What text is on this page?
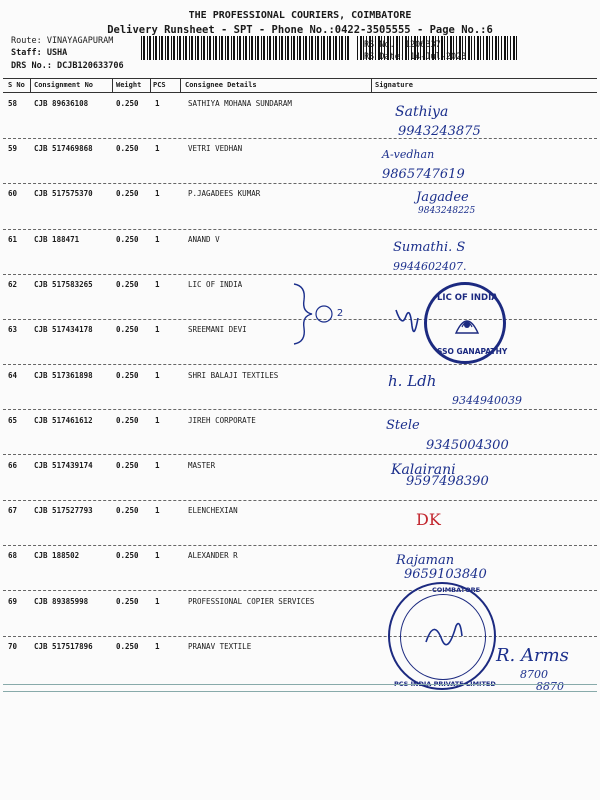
THE PROFESSIONAL COURIERS, COIMBATORE
Delivery Runsheet - SPT - Phone No.:0422-3505555 - Page No.:6
Route: VINAYAGAPURAM
Staff: USHA
DRS No.: DCJB120633706
RS No.: 1206337
RS Date: 14-Jul-2023
S No Consignment No	Weight PCS	Consignee Details	Signature
58 CJB 89636108	0.250 1	SATHIYA MOHANA SUNDARAM
Sathiya
9943243875
59 CJB 517469868	0.250 1	VETRI VEDHAN	A-vedhan
9865747619
60 CJB 517575370	0.250 1	P.JAGADEES KUMAR	Jagadee
9843248225
61 CJB 188471	0.250 1	ANAND V
Sumathi. S
9944602407.
62 CJB 517583265	0.250 1	LIC OF INDIA
63 CJB 517434178	0.250 1	SREEMANI DEVI
2
LIC OF INDIA
SSO GANAPATHY
64 CJB 517361898	0.250 1	SHRI BALAJI TEXTILES	h. Ldh
9344940039
65 CJB 517461612	0.250 1	JIREH CORPORATE	Stele
9345004300
66 CJB 517439174	0.250 1	MASTER	Kalairani
9597498390
67 CJB 517527793	0.250 1	ELENCHEXIAN	DK
68 CJB 188502	0.250 1	ALEXANDER R	Rajaman
9659103840
69 CJB 89385998	0.250 1	PROFESSIONAL COPIER SERVICES
PCS INDIA PRIVATE LIMITED
COIMBATORE
70 CJB 517517896	0.250 1	PRANAV TEXTILE	R. Arms
8700
8870
